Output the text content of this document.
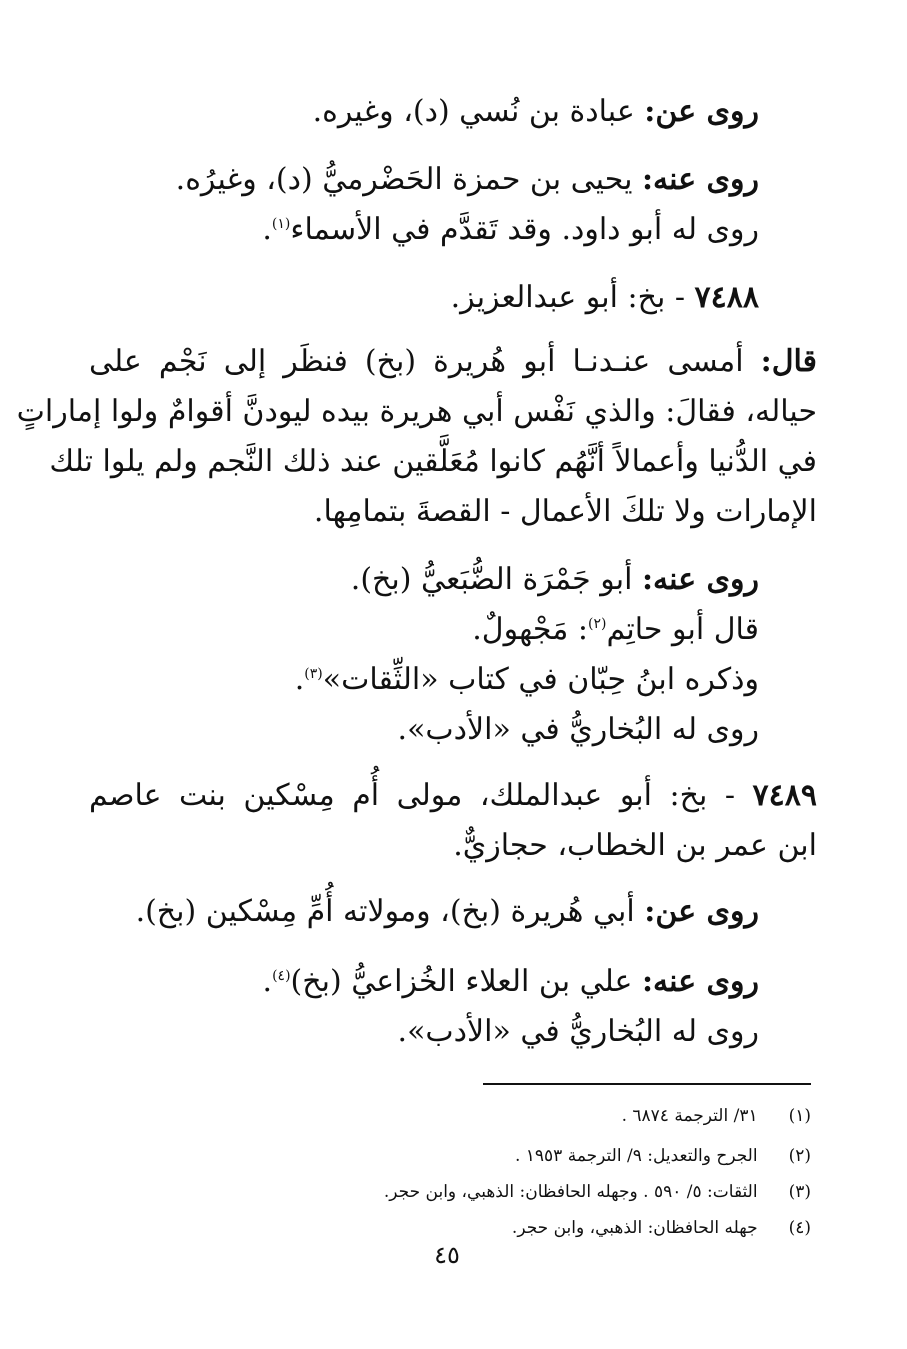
روى عن: عبادة بن نُسي (د)، وغيره.
روى عنه: يحيى بن حمزة الحَضْرميُّ (د)، وغيرُه.
روى له أبو داود. وقد تَقدَّم في الأسماء$^{(١)}$.
٧٤٨٨ - بخ: أبو عبدالعزيز.
قال: أمسى عنـدنـا أبو هُريرة (بخ) فنظَر إلى نَجْم على
حياله، فقالَ: والذي نَفْس أبي هريرة بيده ليودنَّ أقوامٌ ولوا إماراتٍ
في الدُّنيا وأعمالاً أنَّهُم كانوا مُعَلَّقين عند ذلك النَّجم ولم يلوا تلك
الإمارات ولا تلكَ الأعمال - القصةَ بتمامِها.
روى عنه: أبو جَمْرَة الضُّبَعيُّ (بخ).
قال أبو حاتِم$^{(٢)}$: مَجْهولٌ.
وذكره ابنُ حِبّان في كتاب «الثِّقات»$^{(٣)}$.
روى له البُخاريُّ في «الأدب».
٧٤٨٩ - بخ: أبو عبدالملك، مولى أُم مِسْكين بنت عاصم
ابن عمر بن الخطاب، حجازيٌّ.
روى عن: أبي هُريرة (بخ)، ومولاته أُمِّ مِسْكين (بخ).
روى عنه: علي بن العلاء الخُزاعيُّ (بخ)$^{(٤)}$.
روى له البُخاريُّ في «الأدب».
(١) ٣١/ الترجمة ٦٨٧٤ .
(٢) الجرح والتعديل: ٩/ الترجمة ١٩٥٣ .
(٣) الثقات: ٥/ ٥٩٠ . وجهله الحافظان: الذهبي، وابن حجر.
(٤) جهله الحافظان: الذهبي، وابن حجر.
٤٥
